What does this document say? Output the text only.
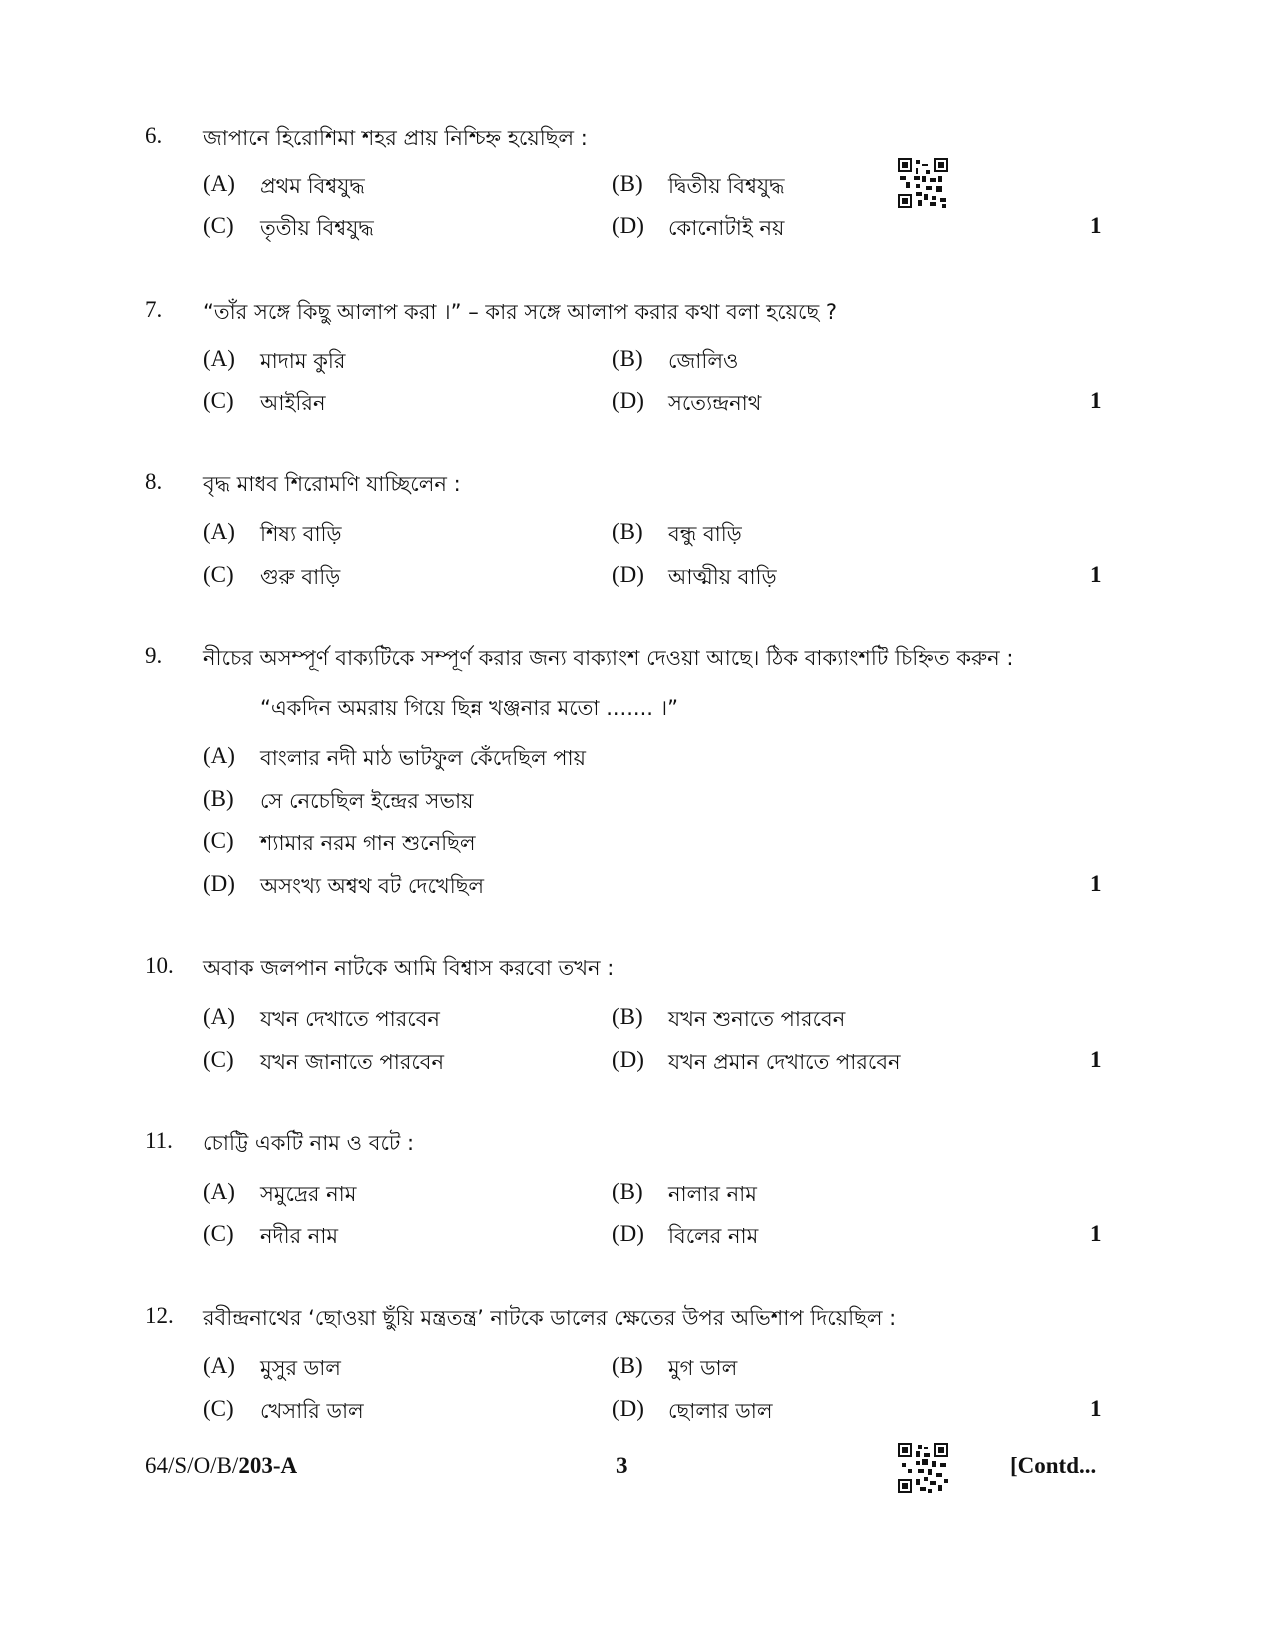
6. জাপানে হিরোশিমা শহর প্রায় নিশ্চিহ্ন হয়েছিল :
(A) প্রথম বিশ্বযুদ্ধ	(B) দ্বিতীয় বিশ্বযুদ্ধ
(C) তৃতীয় বিশ্বযুদ্ধ	(D) কোনোটাই নয়	1
7. “তাঁর সঙ্গে কিছু আলাপ করা ।” – কার সঙ্গে আলাপ করার কথা বলা হয়েছে ?
(A) মাদাম কুরি	(B) জোলিও
(C) আইরিন	(D) সত্যেন্দ্রনাথ	1
8. বৃদ্ধ মাধব শিরোমণি যাচ্ছিলেন :
(A) শিষ্য বাড়ি	(B) বন্ধু বাড়ি
(C) গুরু বাড়ি	(D) আত্মীয় বাড়ি	1
9. নীচের অসম্পূর্ণ বাক্যটিকে সম্পূর্ণ করার জন্য বাক্যাংশ দেওয়া আছে। ঠিক বাক্যাংশটি চিহ্নিত করুন :
“একদিন অমরায় গিয়ে ছিন্ন খঞ্জনার মতো ....... ।”
(A) বাংলার নদী মাঠ ভাটফুল কেঁদেছিল পায়
(B) সে নেচেছিল ইন্দ্রের সভায়
(C) শ্যামার নরম গান শুনেছিল
(D) অসংখ্য অশ্বথ বট দেখেছিল	1
10. অবাক জলপান নাটকে আমি বিশ্বাস করবো তখন :
(A) যখন দেখাতে পারবেন	(B) যখন শুনাতে পারবেন
(C) যখন জানাতে পারবেন	(D) যখন প্রমান দেখাতে পারবেন	1
11. চোট্টি একটি নাম ও বটে :
(A) সমুদ্রের নাম	(B) নালার নাম
(C) নদীর নাম	(D) বিলের নাম	1
12. রবীন্দ্রনাথের ‘ছোওয়া ছুঁয়ি মন্ত্রতন্ত্র’ নাটকে ডালের ক্ষেতের উপর অভিশাপ দিয়েছিল :
(A) মুসুর ডাল	(B) মুগ ডাল
(C) খেসারি ডাল	(D) ছোলার ডাল	1
64/S/O/B/203-A	3	[Contd...
